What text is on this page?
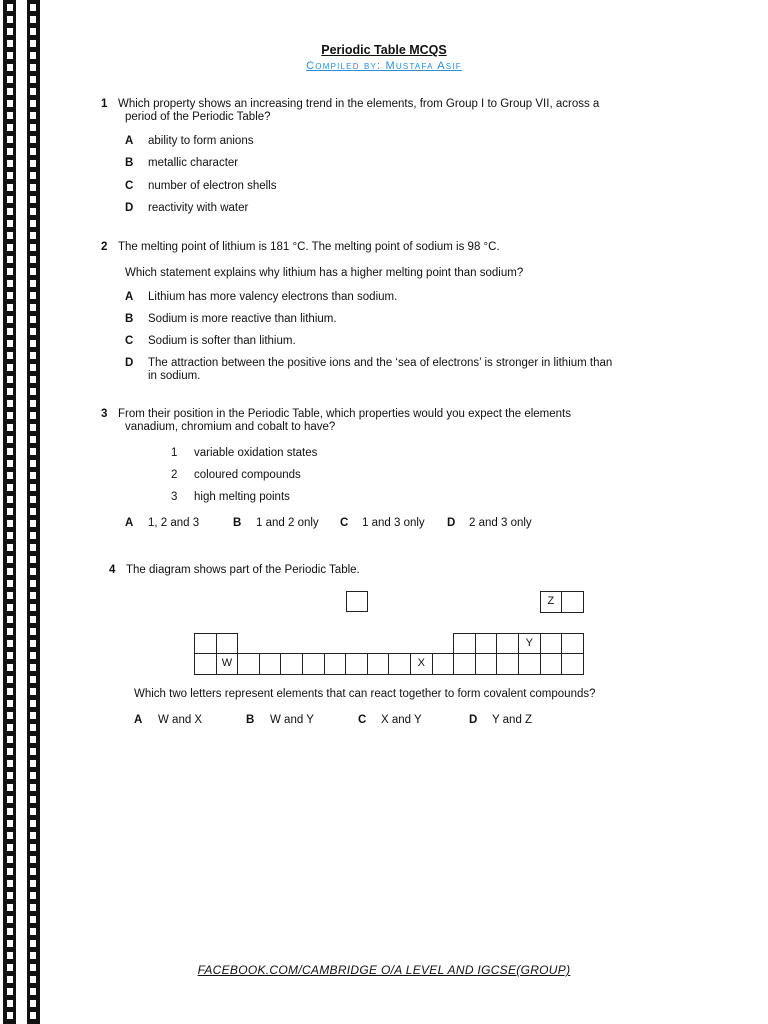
Periodic Table MCQS
Compiled by: Mustafa Asif
1 Which property shows an increasing trend in the elements, from Group I to Group VII, across a
period of the Periodic Table?
A ability to form anions
B metallic character
C number of electron shells
D reactivity with water
2 The melting point of lithium is 181 °C. The melting point of sodium is 98 °C.
Which statement explains why lithium has a higher melting point than sodium?
A Lithium has more valency electrons than sodium.
B Sodium is more reactive than lithium.
C Sodium is softer than lithium.
D The attraction between the positive ions and the ‘sea of electrons’ is stronger in lithium than
in sodium.
3 From their position in the Periodic Table, which properties would you expect the elements
vanadium, chromium and cobalt to have?
1 variable oxidation states
2 coloured compounds
3 high melting points
A 1, 2 and 3	B 1 and 2 only C 1 and 3 only D 2 and 3 only
4 The diagram shows part of the Periodic Table.
W	X
Y
Z
Which two letters represent elements that can react together to form covalent compounds?
A W and X	B W and Y	C X and Y	D Y and Z
FACEBOOK.COM/CAMBRIDGE O/A LEVEL AND IGCSE(GROUP)
